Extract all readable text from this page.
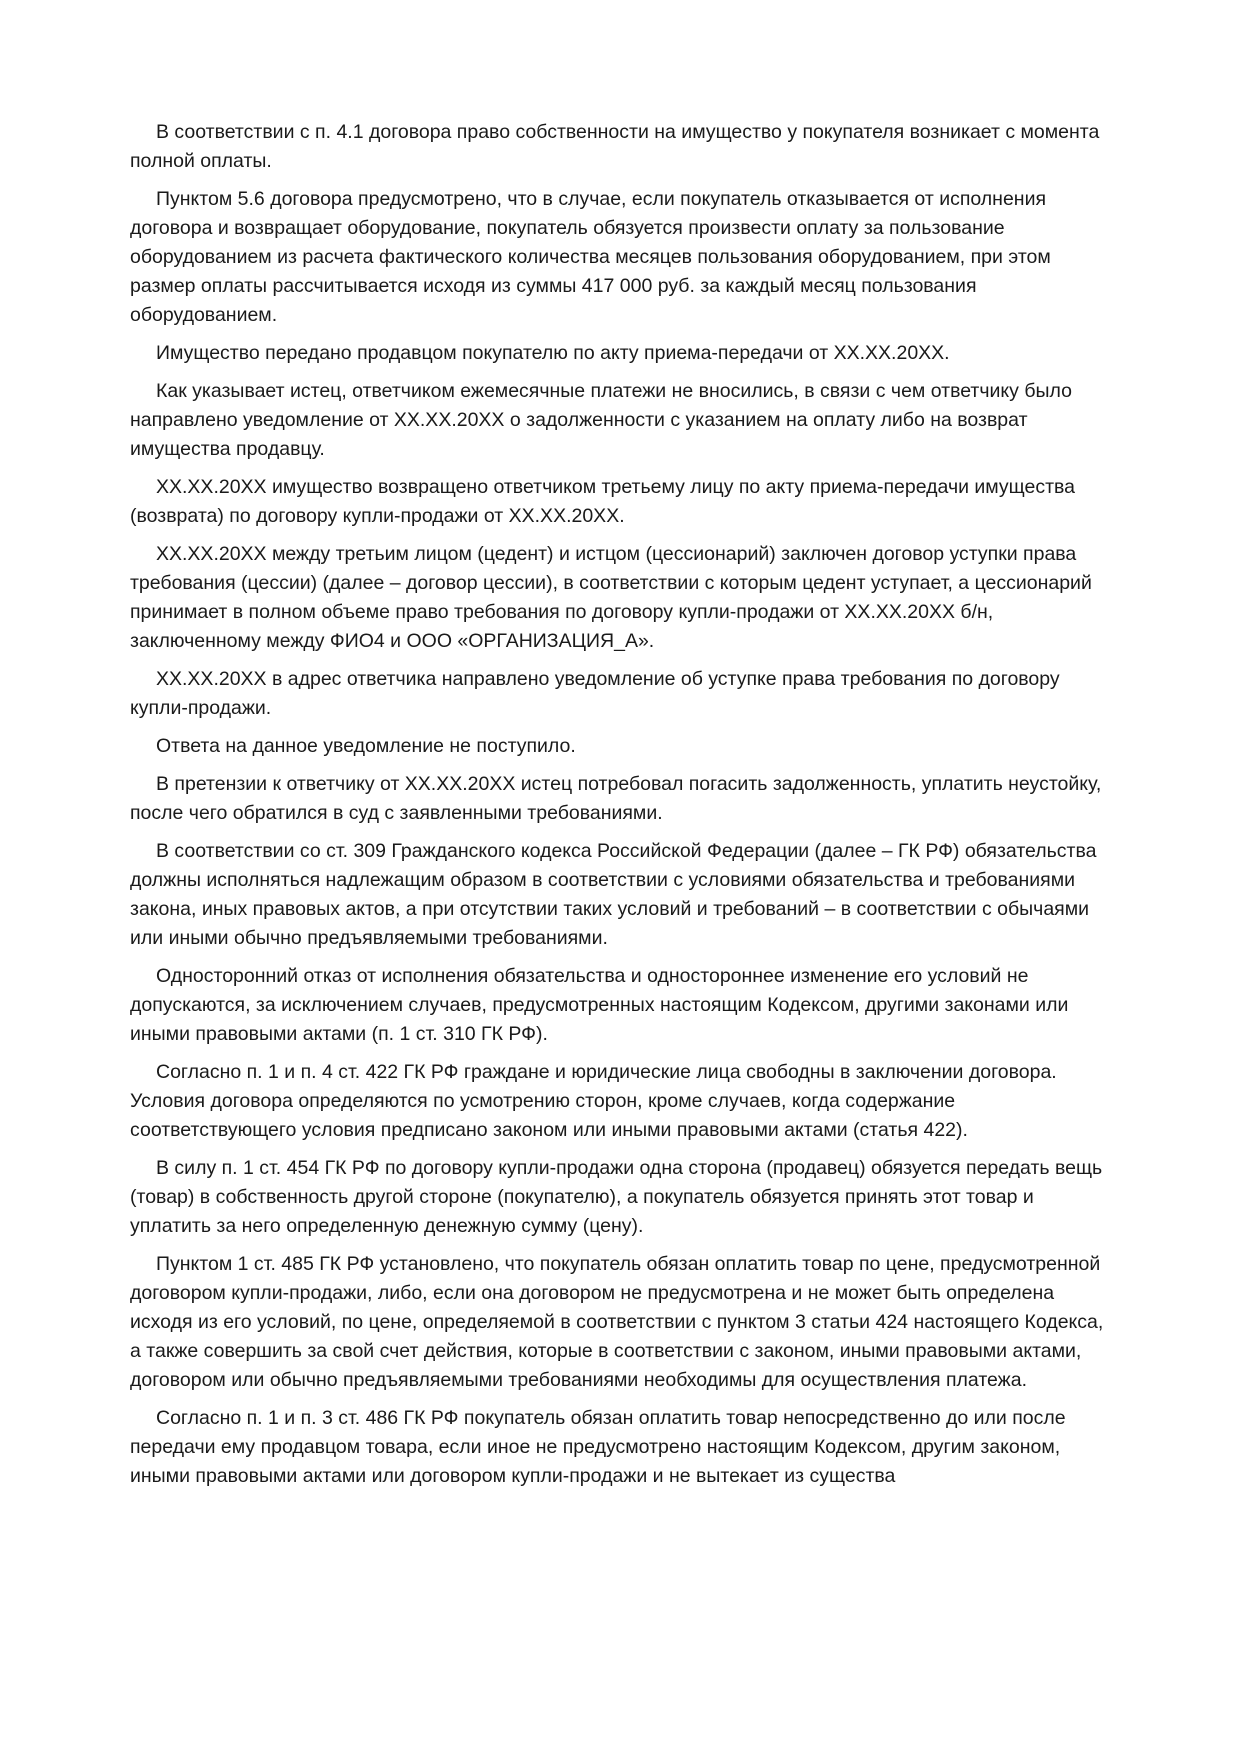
В соответствии с п. 4.1 договора право собственности на имущество у покупателя возникает с момента полной оплаты.

Пунктом 5.6 договора предусмотрено, что в случае, если покупатель отказывается от исполнения договора и возвращает оборудование, покупатель обязуется произвести оплату за пользование оборудованием из расчета фактического количества месяцев пользования оборудованием, при этом размер оплаты рассчитывается исходя из суммы 417 000 руб. за каждый месяц пользования оборудованием.

Имущество передано продавцом покупателю по акту приема-передачи от XX.XX.20XX.

Как указывает истец, ответчиком ежемесячные платежи не вносились, в связи с чем ответчику было направлено уведомление от XX.XX.20XX о задолженности с указанием на оплату либо на возврат имущества продавцу.

XX.XX.20XX имущество возвращено ответчиком третьему лицу по акту приема-передачи имущества (возврата) по договору купли-продажи от XX.XX.20XX.

XX.XX.20XX между третьим лицом (цедент) и истцом (цессионарий) заключен договор уступки права требования (цессии) (далее – договор цессии), в соответствии с которым цедент уступает, а цессионарий принимает в полном объеме право требования по договору купли-продажи от XX.XX.20XX б/н, заключенному между ФИО4 и ООО «ОРГАНИЗАЦИЯ_А».

XX.XX.20XX в адрес ответчика направлено уведомление об уступке права требования по договору купли-продажи.

Ответа на данное уведомление не поступило.

В претензии к ответчику от XX.XX.20XX истец потребовал погасить задолженность, уплатить неустойку, после чего обратился в суд с заявленными требованиями.

В соответствии со ст. 309 Гражданского кодекса Российской Федерации (далее – ГК РФ) обязательства должны исполняться надлежащим образом в соответствии с условиями обязательства и требованиями закона, иных правовых актов, а при отсутствии таких условий и требований – в соответствии с обычаями или иными обычно предъявляемыми требованиями.

Односторонний отказ от исполнения обязательства и одностороннее изменение его условий не допускаются, за исключением случаев, предусмотренных настоящим Кодексом, другими законами или иными правовыми актами (п. 1 ст. 310 ГК РФ).

Согласно п. 1 и п. 4 ст. 422 ГК РФ граждане и юридические лица свободны в заключении договора. Условия договора определяются по усмотрению сторон, кроме случаев, когда содержание соответствующего условия предписано законом или иными правовыми актами (статья 422).

В силу п. 1 ст. 454 ГК РФ по договору купли-продажи одна сторона (продавец) обязуется передать вещь (товар) в собственность другой стороне (покупателю), а покупатель обязуется принять этот товар и уплатить за него определенную денежную сумму (цену).

Пунктом 1 ст. 485 ГК РФ установлено, что покупатель обязан оплатить товар по цене, предусмотренной договором купли-продажи, либо, если она договором не предусмотрена и не может быть определена исходя из его условий, по цене, определяемой в соответствии с пунктом 3 статьи 424 настоящего Кодекса, а также совершить за свой счет действия, которые в соответствии с законом, иными правовыми актами, договором или обычно предъявляемыми требованиями необходимы для осуществления платежа.

Согласно п. 1 и п. 3 ст. 486 ГК РФ покупатель обязан оплатить товар непосредственно до или после передачи ему продавцом товара, если иное не предусмотрено настоящим Кодексом, другим законом, иными правовыми актами или договором купли-продажи и не вытекает из существа
